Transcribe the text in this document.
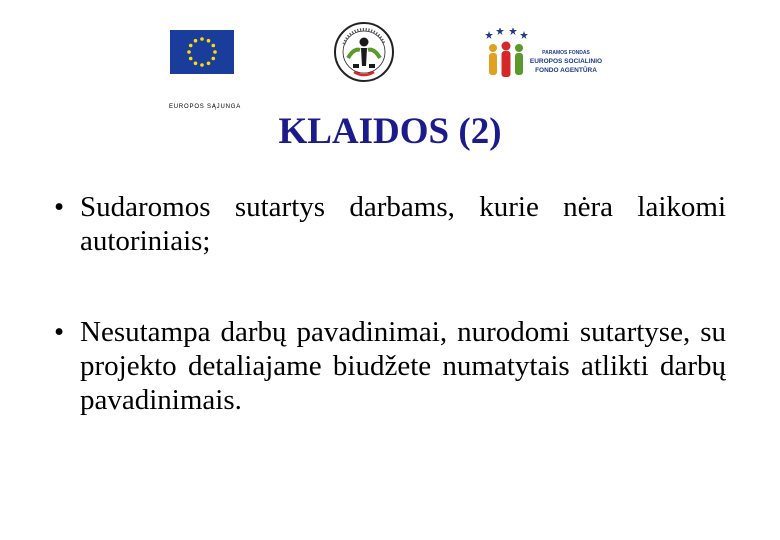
EUROPOS SĄJUNGA
PARAMOS FONDAS
EUROPOS SOCIALINIO
FONDO AGENTŪRA
KLAIDOS (2)
• Sudaromos sutartys darbams, kurie nėra laikomi autoriniais;
• Nesutampa darbų pavadinimai, nurodomi sutartyse, su projekto detaliajame biudžete numatytais atlikti darbų pavadinimais.
